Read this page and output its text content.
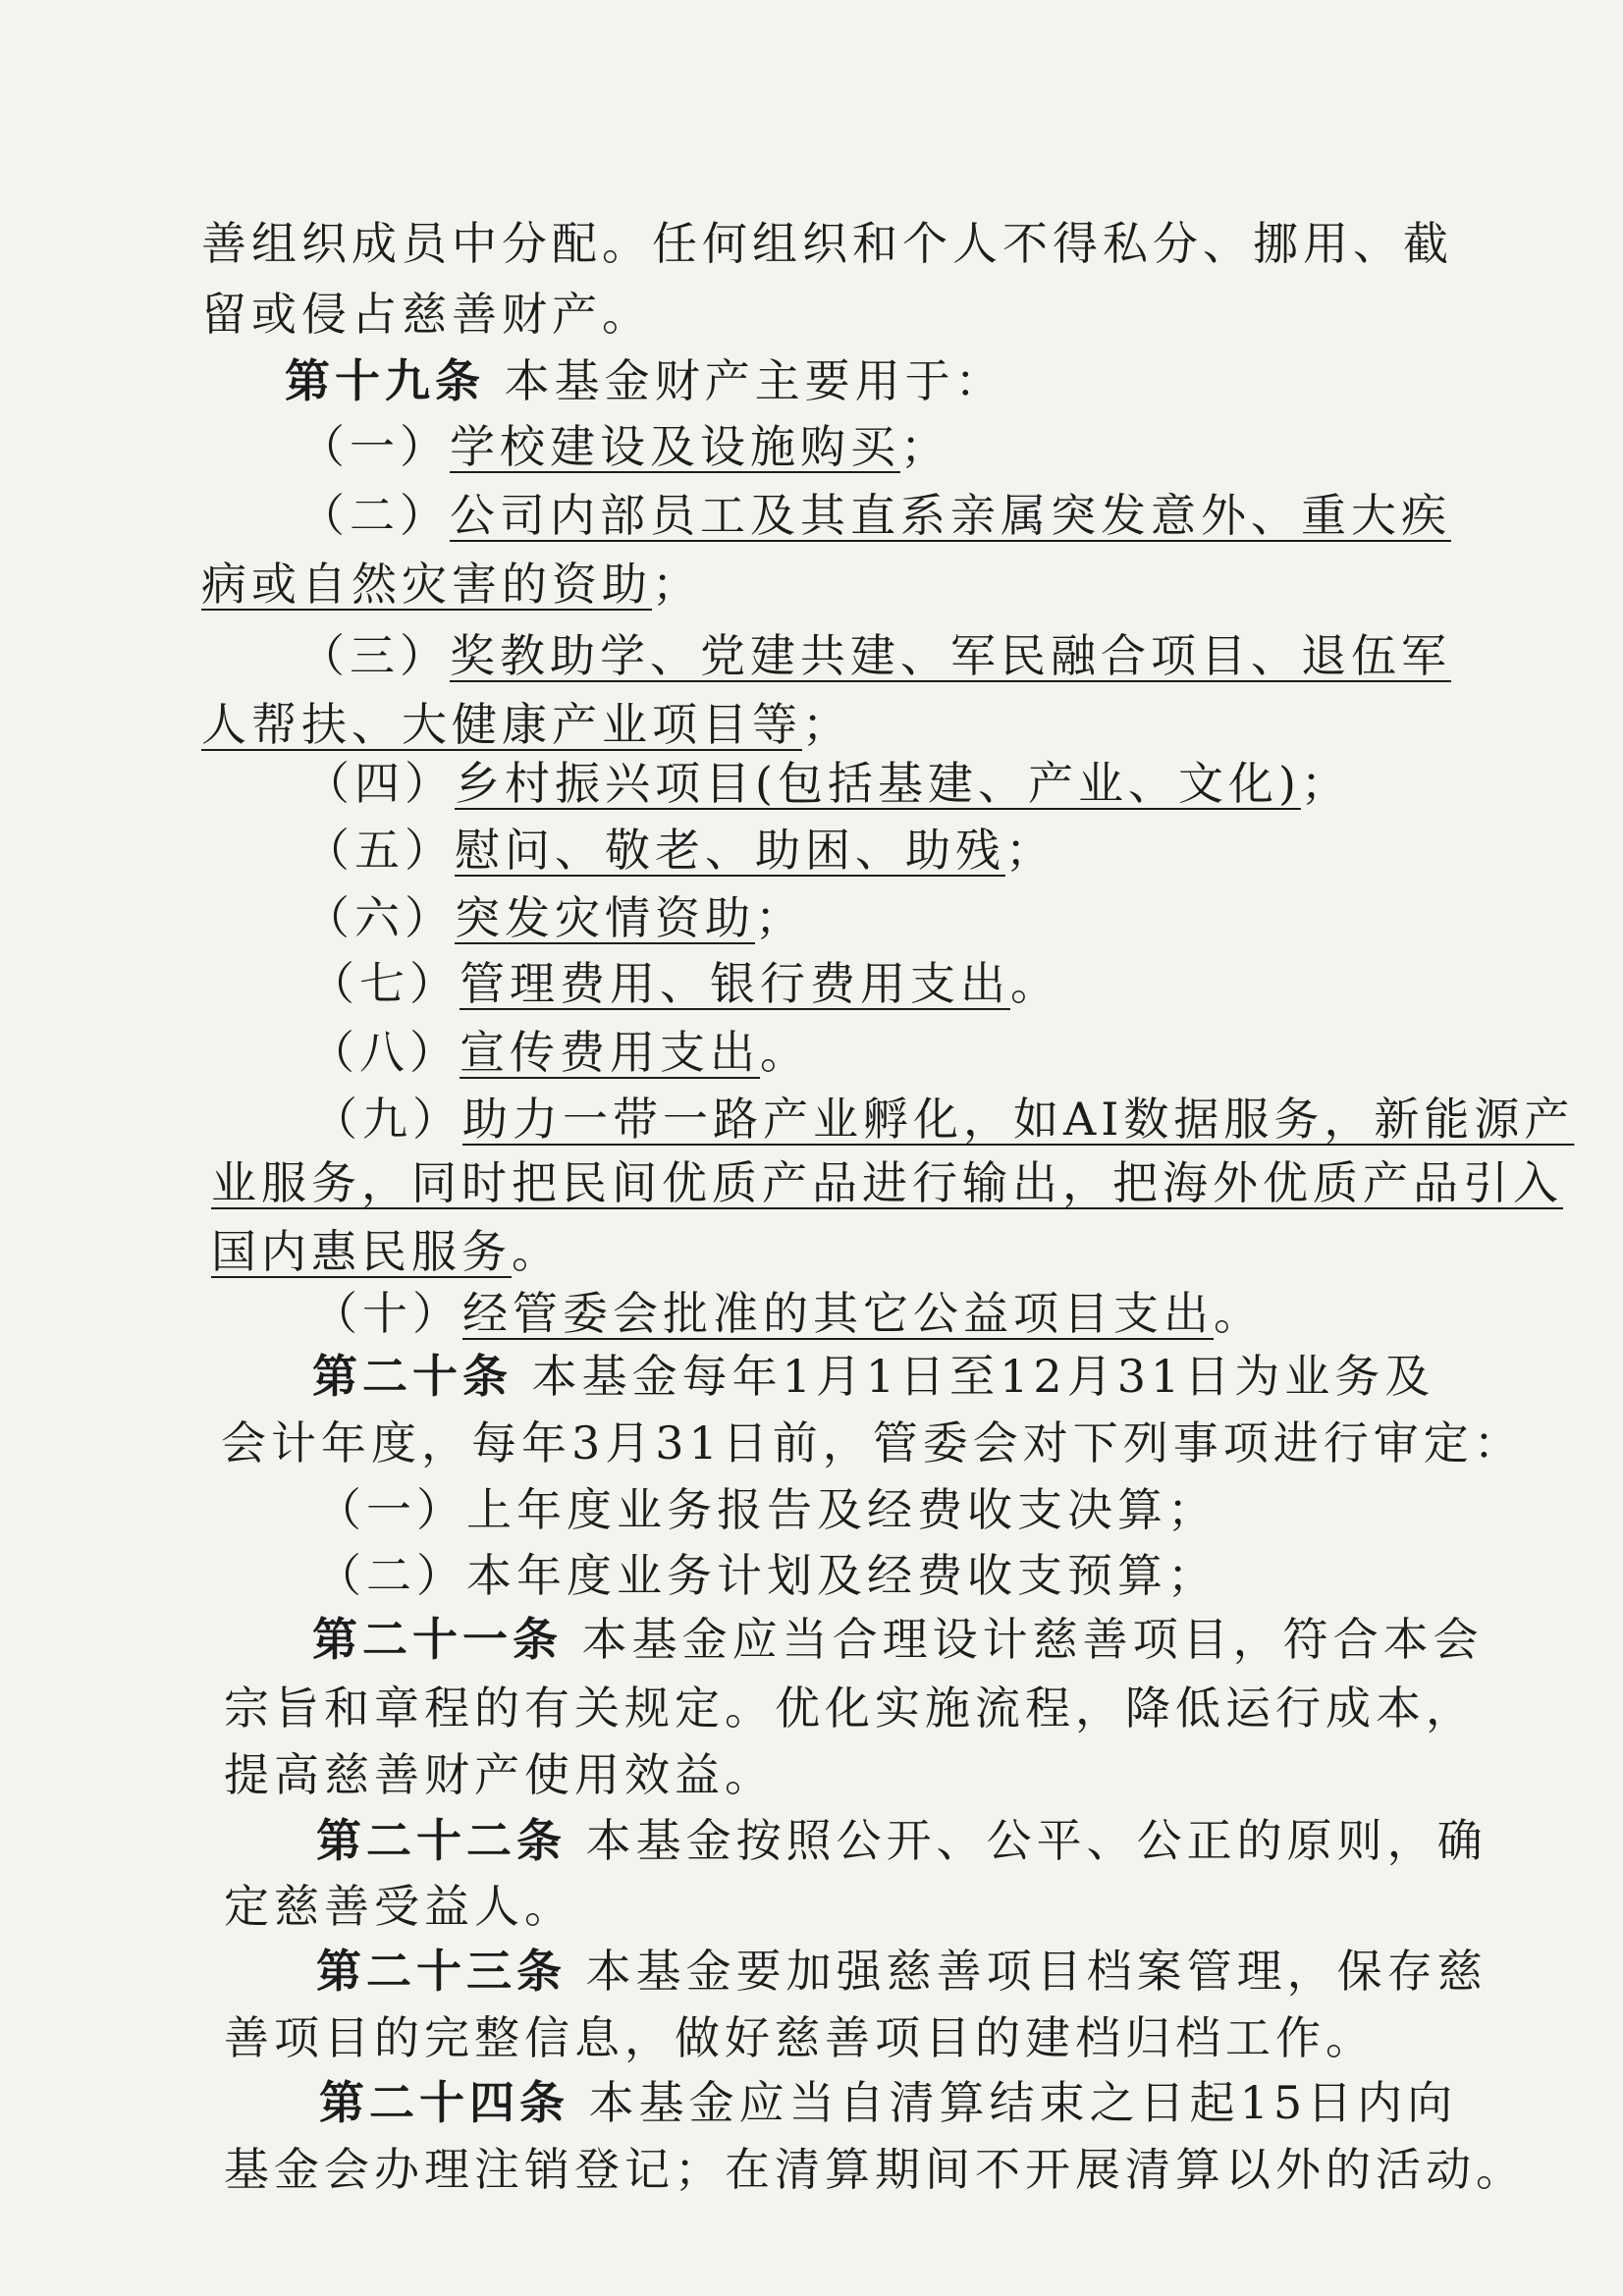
善组织成员中分配。任何组织和个人不得私分、挪用、截
留或侵占慈善财产。
第十九条 本基金财产主要用于：
（一）学校建设及设施购买；
（二）公司内部员工及其直系亲属突发意外、重大疾
病或自然灾害的资助；
（三）奖教助学、党建共建、军民融合项目、退伍军
人帮扶、大健康产业项目等；
（四）乡村振兴项目(包括基建、产业、文化)；
（五）慰问、敬老、助困、助残；
（六）突发灾情资助；
（七）管理费用、银行费用支出。
（八）宣传费用支出。
（九）助力一带一路产业孵化，如AI数据服务，新能源产
业服务，同时把民间优质产品进行输出，把海外优质产品引入
国内惠民服务。
（十）经管委会批准的其它公益项目支出。
第二十条 本基金每年1月1日至12月31日为业务及
会计年度，每年3月31日前，管委会对下列事项进行审定：
（一）上年度业务报告及经费收支决算；
（二）本年度业务计划及经费收支预算；
第二十一条 本基金应当合理设计慈善项目，符合本会
宗旨和章程的有关规定。优化实施流程，降低运行成本，
提高慈善财产使用效益。
第二十二条 本基金按照公开、公平、公正的原则，确
定慈善受益人。
第二十三条 本基金要加强慈善项目档案管理，保存慈
善项目的完整信息，做好慈善项目的建档归档工作。
第二十四条 本基金应当自清算结束之日起15日内向
基金会办理注销登记；在清算期间不开展清算以外的活动。
